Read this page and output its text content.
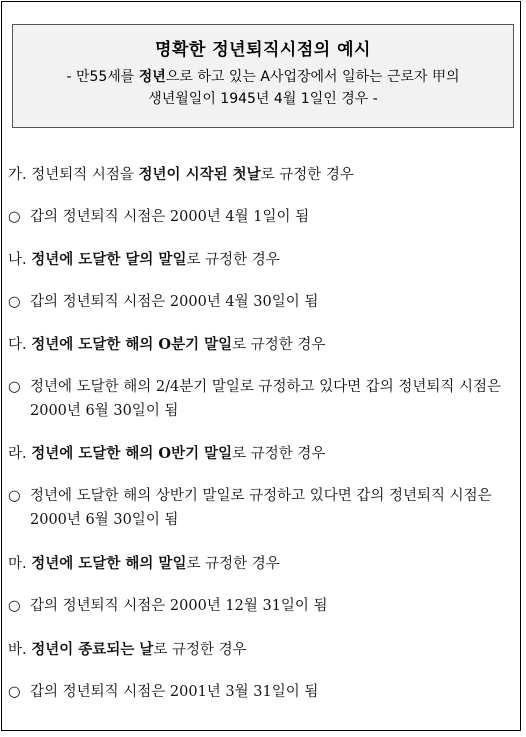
명확한 정년퇴직시점의 예시
- 만55세를 정년으로 하고 있는 A사업장에서 일하는 근로자 甲의
생년월일이 1945년 4월 1일인 경우 -
가. 정년퇴직 시점을 정년이 시작된 첫날로 규정한 경우
○ 갑의 정년퇴직 시점은 2000년 4월 1일이 됨
나. 정년에 도달한 달의 말일로 규정한 경우
○ 갑의 정년퇴직 시점은 2000년 4월 30일이 됨
다. 정년에 도달한 해의 O분기 말일로 규정한 경우
○ 정년에 도달한 해의 2/4분기 말일로 규정하고 있다면 갑의 정년퇴직 시점은 2000년 6월 30일이 됨
라. 정년에 도달한 해의 O반기 말일로 규정한 경우
○ 정년에 도달한 해의 상반기 말일로 규정하고 있다면 갑의 정년퇴직 시점은 2000년 6월 30일이 됨
마. 정년에 도달한 해의 말일로 규정한 경우
○ 갑의 정년퇴직 시점은 2000년 12월 31일이 됨
바. 정년이 종료되는 날로 규정한 경우
○ 갑의 정년퇴직 시점은 2001년 3월 31일이 됨
